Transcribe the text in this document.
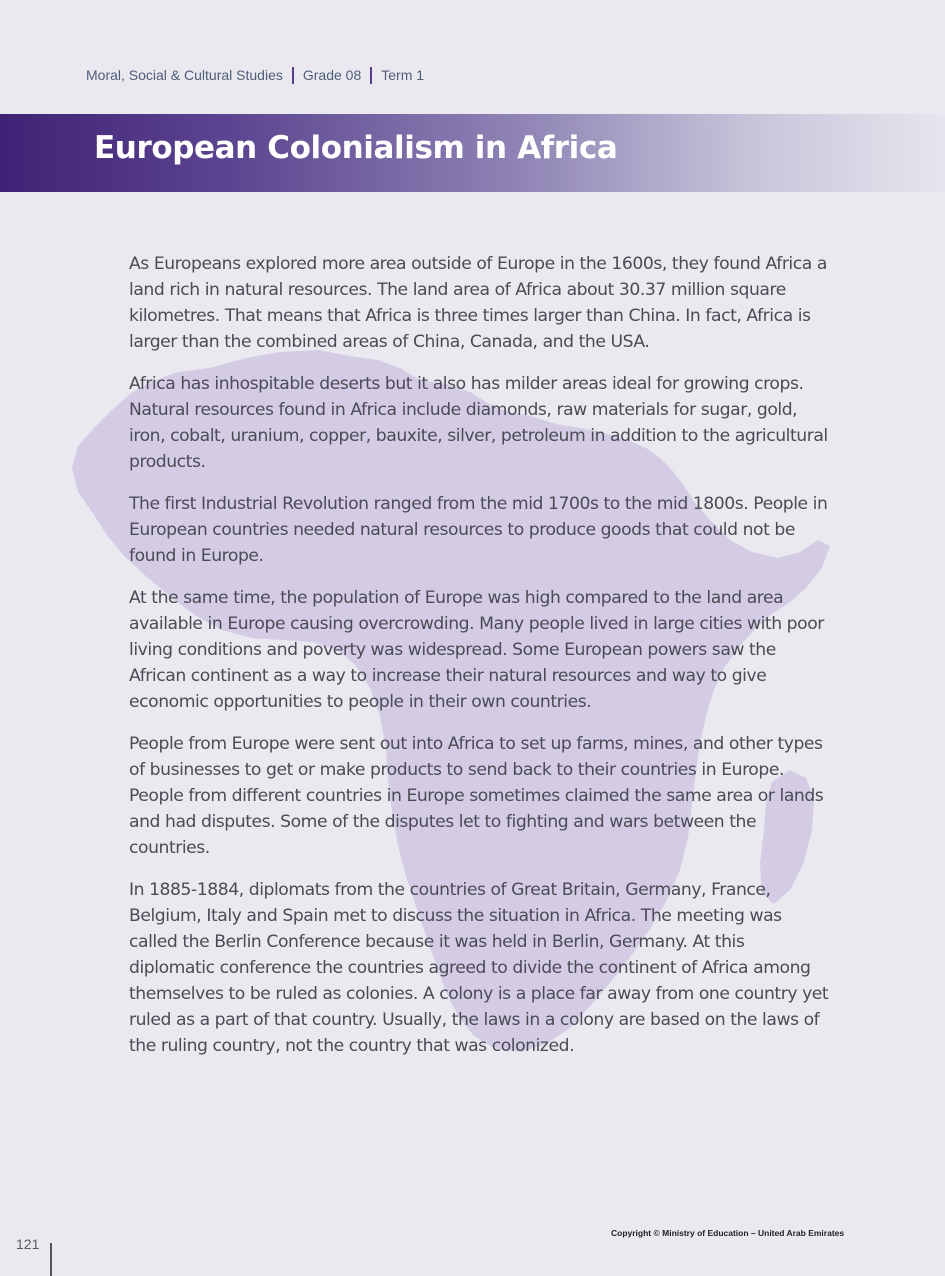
Moral, Social & Cultural Studies Grade 08 Term 1
European Colonialism in Africa

As Europeans explored more area outside of Europe in the 1600s, they found Africa a land rich in natural resources. The land area of Africa about 30.37 million square kilometres. That means that Africa is three times larger than China. In fact, Africa is larger than the combined areas of China, Canada, and the USA.

Africa has inhospitable deserts but it also has milder areas ideal for growing crops. Natural resources found in Africa include diamonds, raw materials for sugar, gold, iron, cobalt, uranium, copper, bauxite, silver, petroleum in addition to the agricultural products.

The first Industrial Revolution ranged from the mid 1700s to the mid 1800s. People in European countries needed natural resources to produce goods that could not be found in Europe.

At the same time, the population of Europe was high compared to the land area available in Europe causing overcrowding. Many people lived in large cities with poor living conditions and poverty was widespread. Some European powers saw the African continent as a way to increase their natural resources and way to give economic opportunities to people in their own countries.

People from Europe were sent out into Africa to set up farms, mines, and other types of businesses to get or make products to send back to their countries in Europe. People from different countries in Europe sometimes claimed the same area or lands and had disputes. Some of the disputes let to fighting and wars between the countries.

In 1885-1884, diplomats from the countries of Great Britain, Germany, France, Belgium, Italy and Spain met to discuss the situation in Africa. The meeting was called the Berlin Conference because it was held in Berlin, Germany. At this diplomatic conference the countries agreed to divide the continent of Africa among themselves to be ruled as colonies. A colony is a place far away from one country yet ruled as a part of that country. Usually, the laws in a colony are based on the laws of the ruling country, not the country that was colonized.

121
Copyright © Ministry of Education – United Arab Emirates
